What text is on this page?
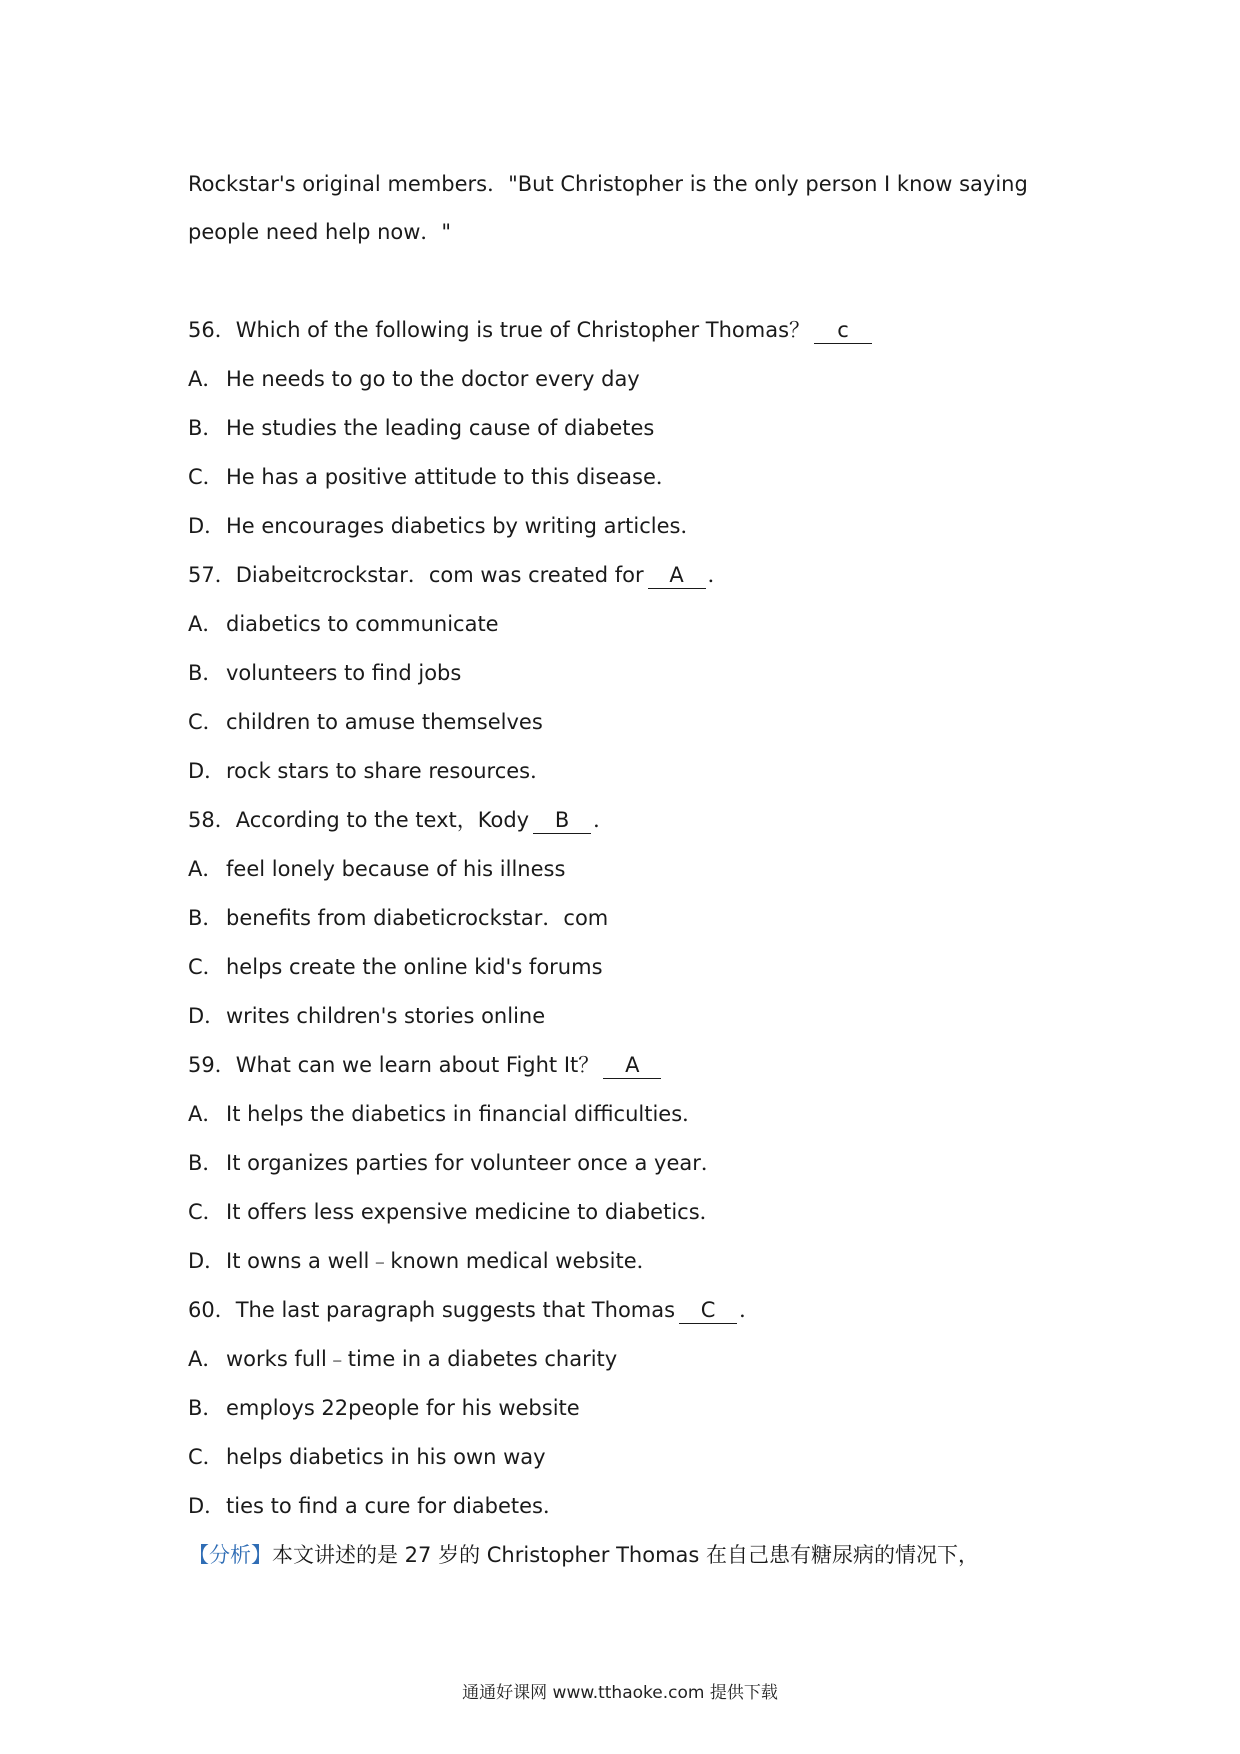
Rockstar's original members．"But Christopher is the only person I know saying

people need help now．"

56．Which of the following is true of Christopher Thomas？ c
A． He needs to go to the doctor every day
B． He studies the leading cause of diabetes
C． He has a positive attitude to this disease．
D．He encourages diabetics by writing articles．
57．Diabeitcrockstar．com was created for A ．
A． diabetics to communicate
B． volunteers to find jobs
C． children to amuse themselves
D．rock stars to share resources．
58．According to the text，Kody B ．
A． feel lonely because of his illness
B． benefits from diabeticrockstar．com
C． helps create the online kid's forums
D．writes children's stories online
59．What can we learn about Fight It？ A
A． It helps the diabetics in financial difficulties．
B． It organizes parties for volunteer once a year．
C． It offers less expensive medicine to diabetics．
D．It owns a well﹣known medical website．
60．The last paragraph suggests that Thomas C ．
A． works full﹣time in a diabetes charity
B． employs 22people for his website
C． helps diabetics in his own way
D．ties to find a cure for diabetes．
【分析】本文讲述的是 27 岁的 Christopher Thomas 在自己患有糖尿病的情况下，
通通好课网 www.tthaoke.com 提供下载
